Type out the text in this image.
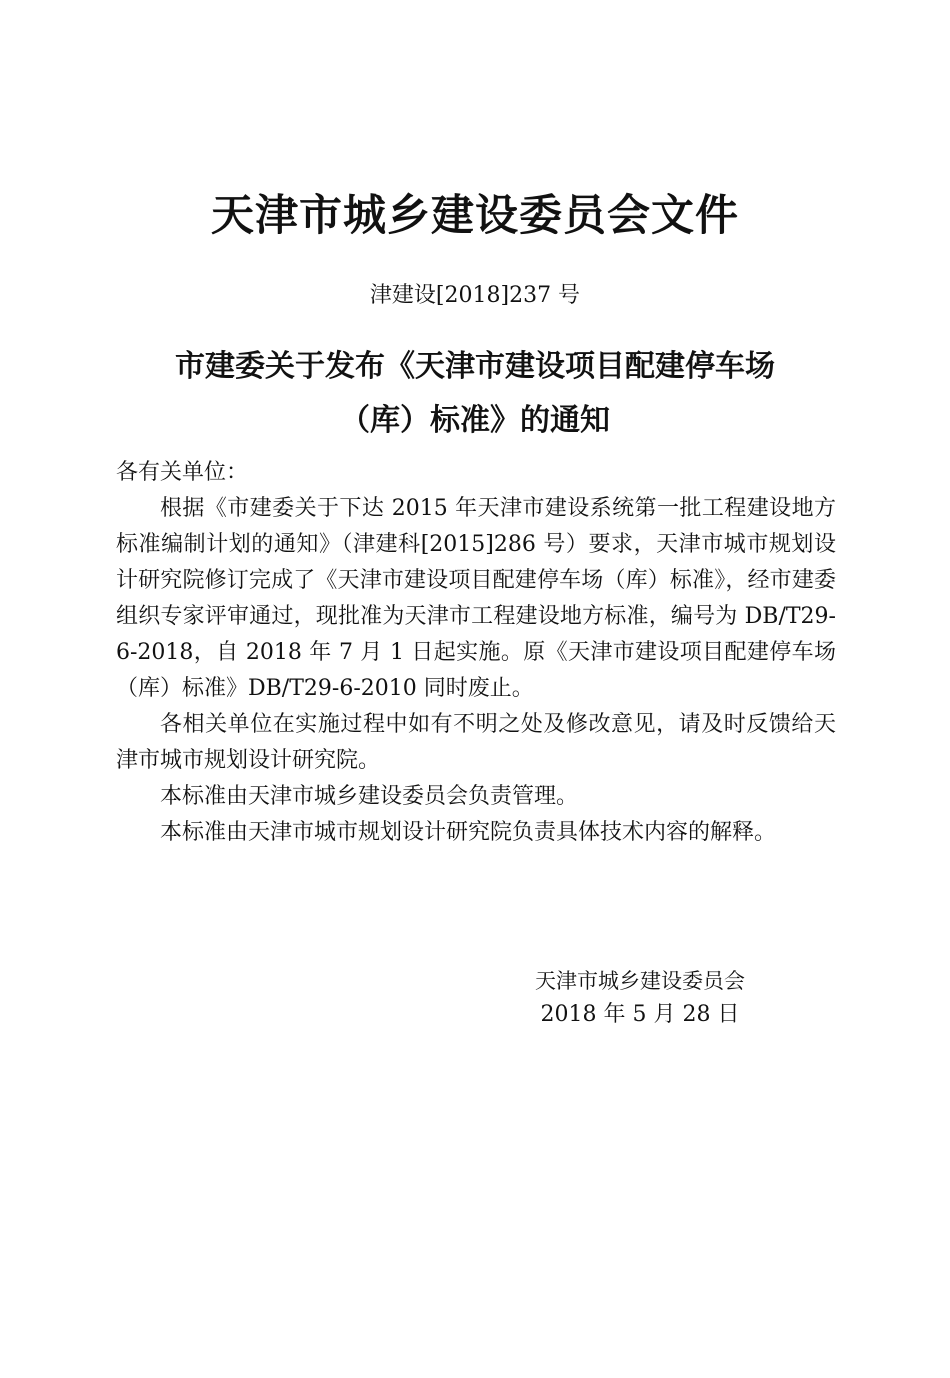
天津市城乡建设委员会文件
津建设[2018]237 号
市建委关于发布《天津市建设项目配建停车场
（库）标准》的通知

各有关单位：

根据《市建委关于下达 2015 年天津市建设系统第一批工程建设地方标准编制计划的通知》（津建科[2015]286 号）要求，天津市城市规划设计研究院修订完成了《天津市建设项目配建停车场（库）标准》，经市建委组织专家评审通过，现批准为天津市工程建设地方标准，编号为 DB/T29-6-2018，自 2018 年 7 月 1 日起实施。原《天津市建设项目配建停车场（库）标准》DB/T29-6-2010 同时废止。

各相关单位在实施过程中如有不明之处及修改意见，请及时反馈给天津市城市规划设计研究院。

本标准由天津市城乡建设委员会负责管理。

本标准由天津市城市规划设计研究院负责具体技术内容的解释。

天津市城乡建设委员会
2018 年 5 月 28 日
